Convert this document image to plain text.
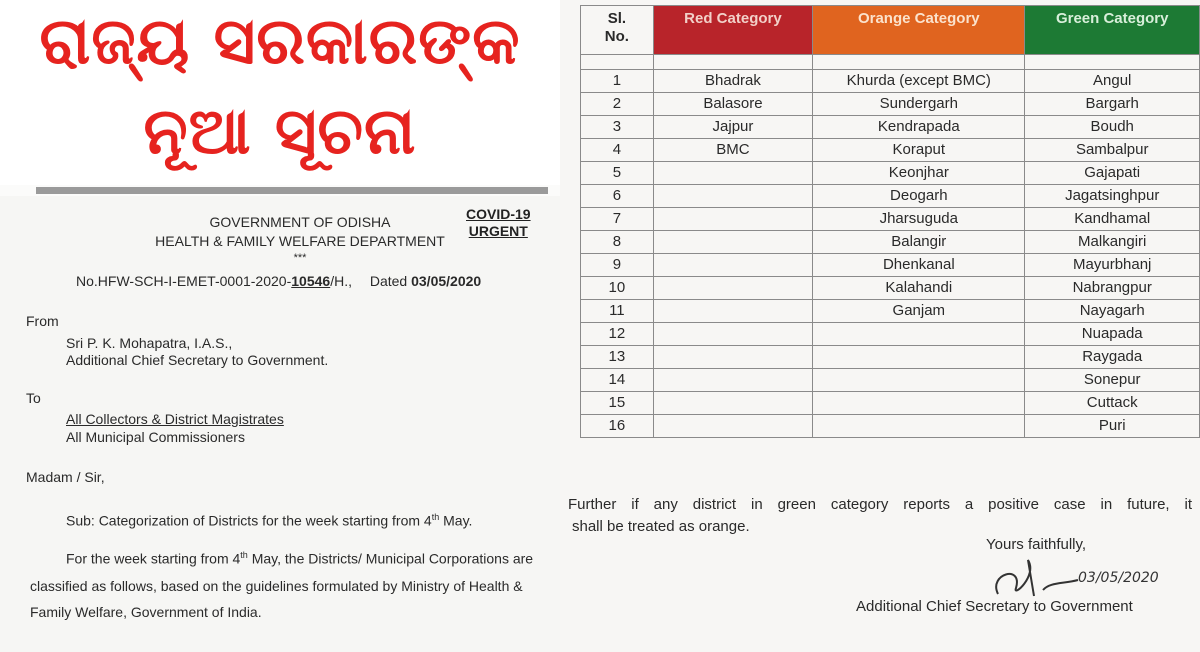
ରାଜ୍ୟ ସରକାରଙ୍କ
ନୂଆ ସୂଚନା
COVID-19
URGENT
GOVERNMENT OF ODISHA
HEALTH & FAMILY WELFARE DEPARTMENT
***
No.HFW-SCH-I-EMET-0001-2020-10546/H., Dated 03/05/2020
From
Sri P. K. Mohapatra, I.A.S.,
Additional Chief Secretary to Government.
To
All Collectors & District Magistrates
All Municipal Commissioners
Madam / Sir,
Sub: Categorization of Districts for the week starting from 4th May.
For the week starting from 4th May, the Districts/ Municipal Corporations are
classified as follows, based on the guidelines formulated by Ministry of Health &
Family Welfare, Government of India.
Sl.
No.	Red Category	Orange Category	Green Category

1	Bhadrak	Khurda (except BMC)	Angul
2	Balasore	Sundergarh	Bargarh
3	Jajpur	Kendrapada	Boudh
4	BMC	Koraput	Sambalpur
5		Keonjhar	Gajapati
6		Deogarh	Jagatsinghpur
7		Jharsuguda	Kandhamal
8		Balangir	Malkangiri
9		Dhenkanal	Mayurbhanj
10		Kalahandi	Nabrangpur
11		Ganjam	Nayagarh
12			Nuapada
13			Raygada
14			Sonepur
15			Cuttack
16			Puri
Further if any district in green category reports a positive case in future, it
shall be treated as orange.
Yours faithfully,
03/05/2020
Additional Chief Secretary to Government
